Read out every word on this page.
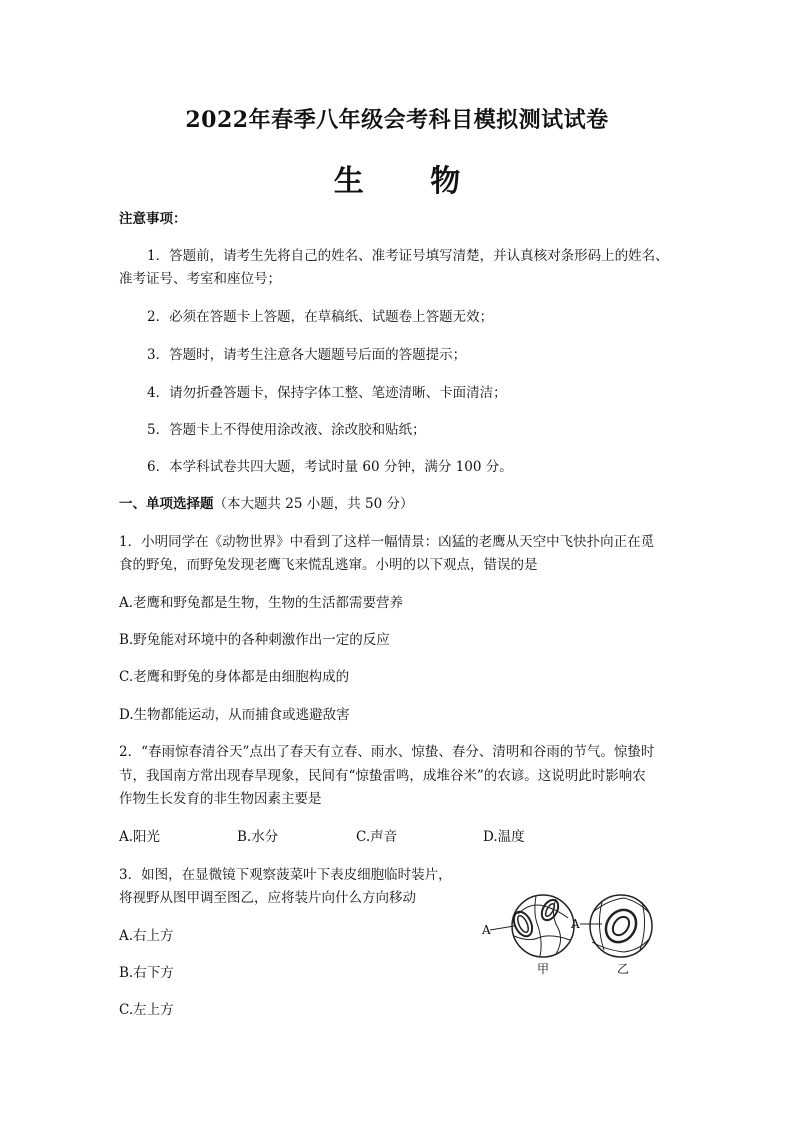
2022年春季八年级会考科目模拟测试试卷
生 物
注意事项：
1．答题前，请考生先将自己的姓名、准考证号填写清楚，并认真核对条形码上的姓名、
准考证号、考室和座位号；
2．必须在答题卡上答题，在草稿纸、试题卷上答题无效；
3．答题时，请考生注意各大题题号后面的答题提示；
4．请勿折叠答题卡，保持字体工整、笔迹清晰、卡面清洁；
5．答题卡上不得使用涂改液、涂改胶和贴纸；
6．本学科试卷共四大题，考试时量 60 分钟，满分 100 分。
一、单项选择题（本大题共 25 小题，共 50 分）
1．小明同学在《动物世界》中看到了这样一幅情景：凶猛的老鹰从天空中飞快扑向正在觅
食的野兔，而野兔发现老鹰飞来慌乱逃窜。小明的以下观点，错误的是
A.老鹰和野兔都是生物，生物的生活都需要营养
B.野兔能对环境中的各种刺激作出一定的反应
C.老鹰和野兔的身体都是由细胞构成的
D.生物都能运动，从而捕食或逃避敌害
2．“春雨惊春清谷天”点出了春天有立春、雨水、惊蛰、春分、清明和谷雨的节气。惊蛰时
节，我国南方常出现春旱现象，民间有“惊蛰雷鸣，成堆谷米”的农谚。这说明此时影响农
作物生长发育的非生物因素主要是
A.阳光	B.水分	C.声音	D.温度
3．如图，在显微镜下观察菠菜叶下表皮细胞临时装片，
将视野从图甲调至图乙，应将装片向什么方向移动
A.右上方
B.右下方
C.左上方
A	A
甲	乙
